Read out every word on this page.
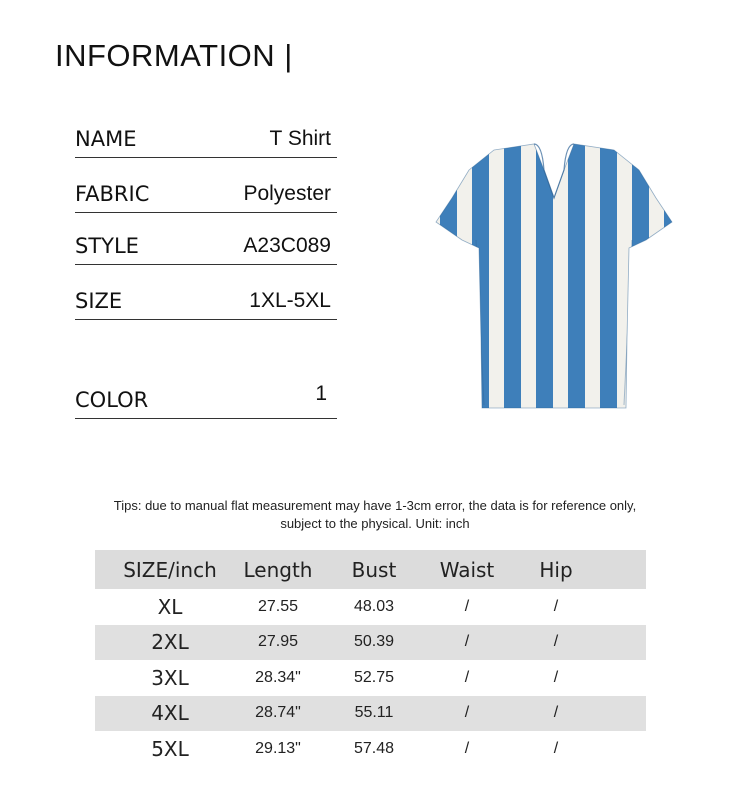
INFORMATION |
NAME	T Shirt
FABRIC	Polyester
STYLE	A23C089
SIZE	1XL-5XL
COLOR	1
Tips: due to manual flat measurement may have 1-3cm error, the data is for reference only, subject to the physical. Unit: inch
SIZE/inch	Length	Bust	Waist	Hip
XL	27.55	48.03	/	/
2XL	27.95	50.39	/	/
3XL	28.34"	52.75	/	/
4XL	28.74"	55.11	/	/
5XL	29.13"	57.48	/	/
